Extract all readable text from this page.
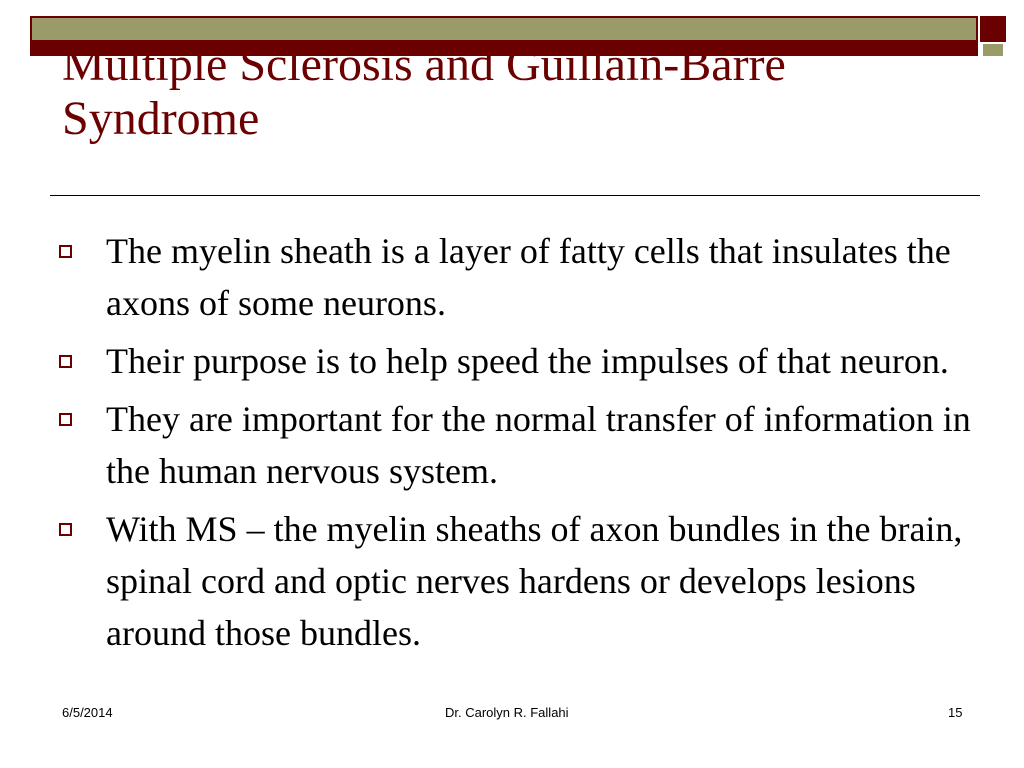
Multiple Sclerosis and Guillain-Barre Syndrome
The myelin sheath is a layer of fatty cells that insulates the axons of some neurons.
Their purpose is to help speed the impulses of that neuron.
They are important for the normal transfer of information in the human nervous system.
With MS – the myelin sheaths of axon bundles in the brain, spinal cord and optic nerves hardens or develops lesions around those bundles.
6/5/2014	Dr. Carolyn R. Fallahi	15
